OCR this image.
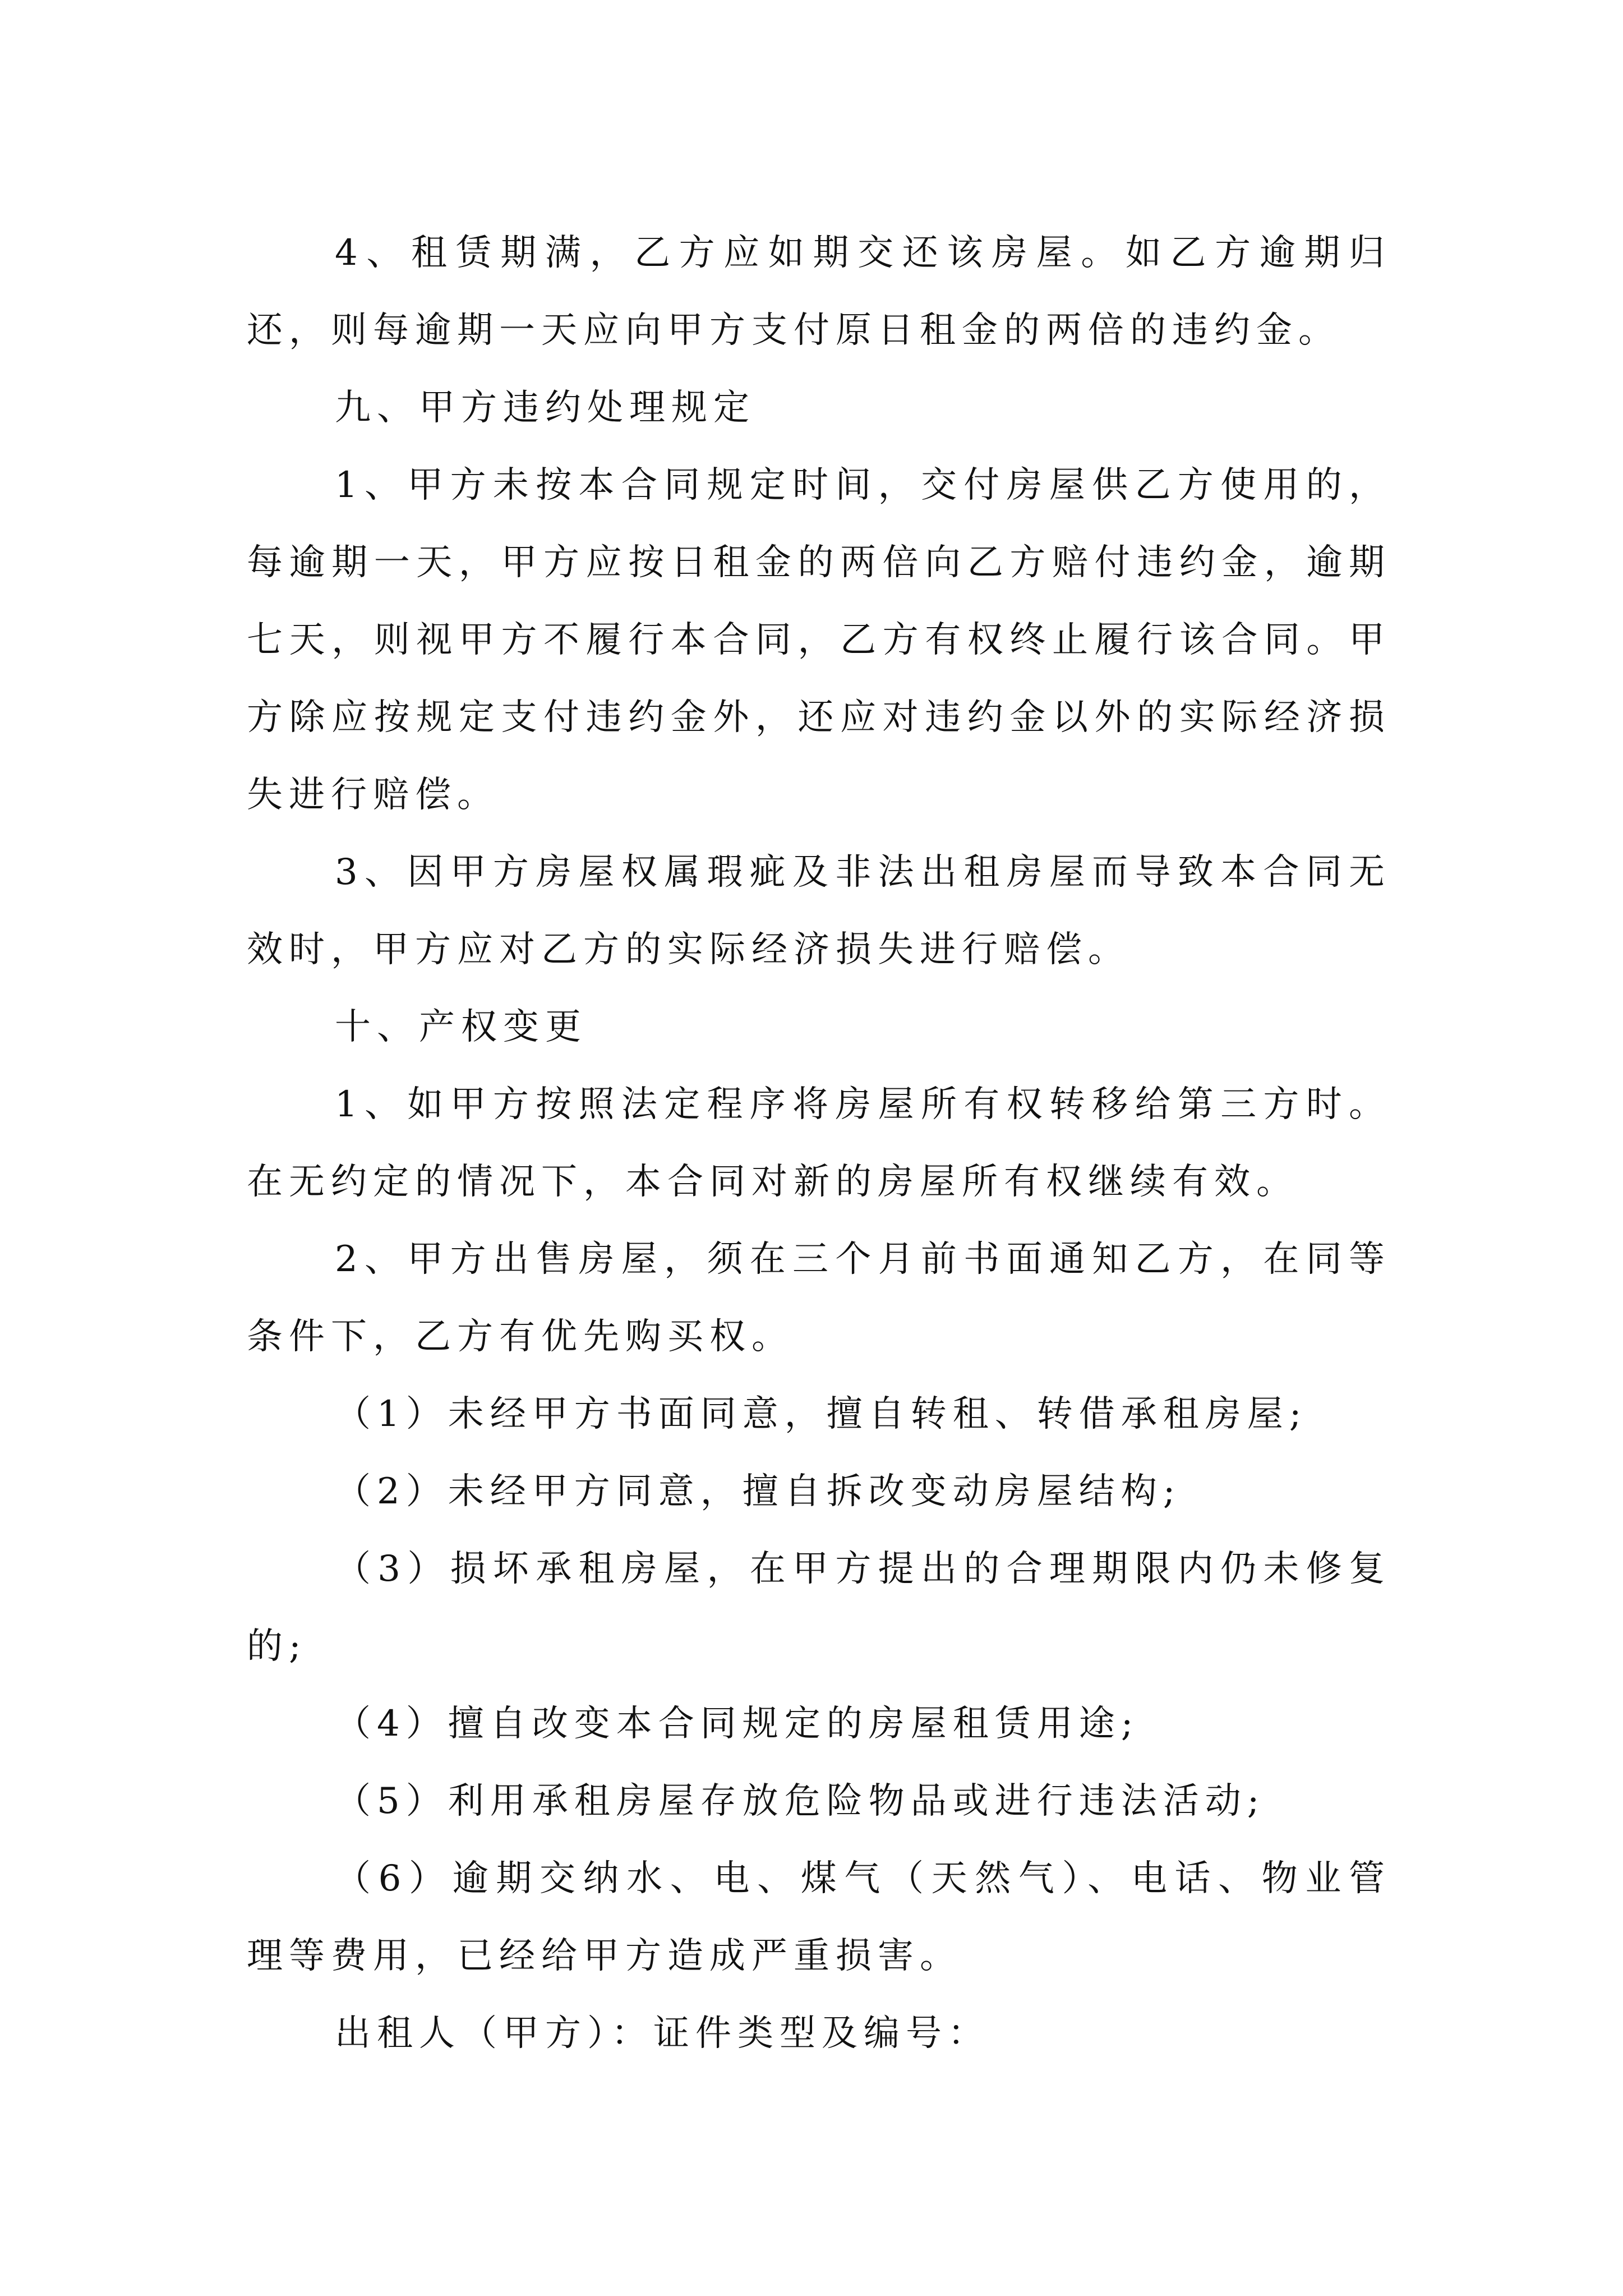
4、租赁期满，乙方应如期交还该房屋。如乙方逾期归还，则每逾期一天应向甲方支付原日租金的两倍的违约金。

九、甲方违约处理规定

1、甲方未按本合同规定时间，交付房屋供乙方使用的，每逾期一天，甲方应按日租金的两倍向乙方赔付违约金，逾期七天，则视甲方不履行本合同，乙方有权终止履行该合同。甲方除应按规定支付违约金外，还应对违约金以外的实际经济损失进行赔偿。

3、因甲方房屋权属瑕疵及非法出租房屋而导致本合同无效时，甲方应对乙方的实际经济损失进行赔偿。

十、产权变更

1、如甲方按照法定程序将房屋所有权转移给第三方时。在无约定的情况下，本合同对新的房屋所有权继续有效。

2、甲方出售房屋，须在三个月前书面通知乙方，在同等条件下，乙方有优先购买权。

（1）未经甲方书面同意，擅自转租、转借承租房屋;

（2）未经甲方同意，擅自拆改变动房屋结构;

（3）损坏承租房屋，在甲方提出的合理期限内仍未修复的;

（4）擅自改变本合同规定的房屋租赁用途;

（5）利用承租房屋存放危险物品或进行违法活动;

（6）逾期交纳水、电、煤气（天然气）、电话、物业管理等费用，已经给甲方造成严重损害。

出租人（甲方）：证件类型及编号：
